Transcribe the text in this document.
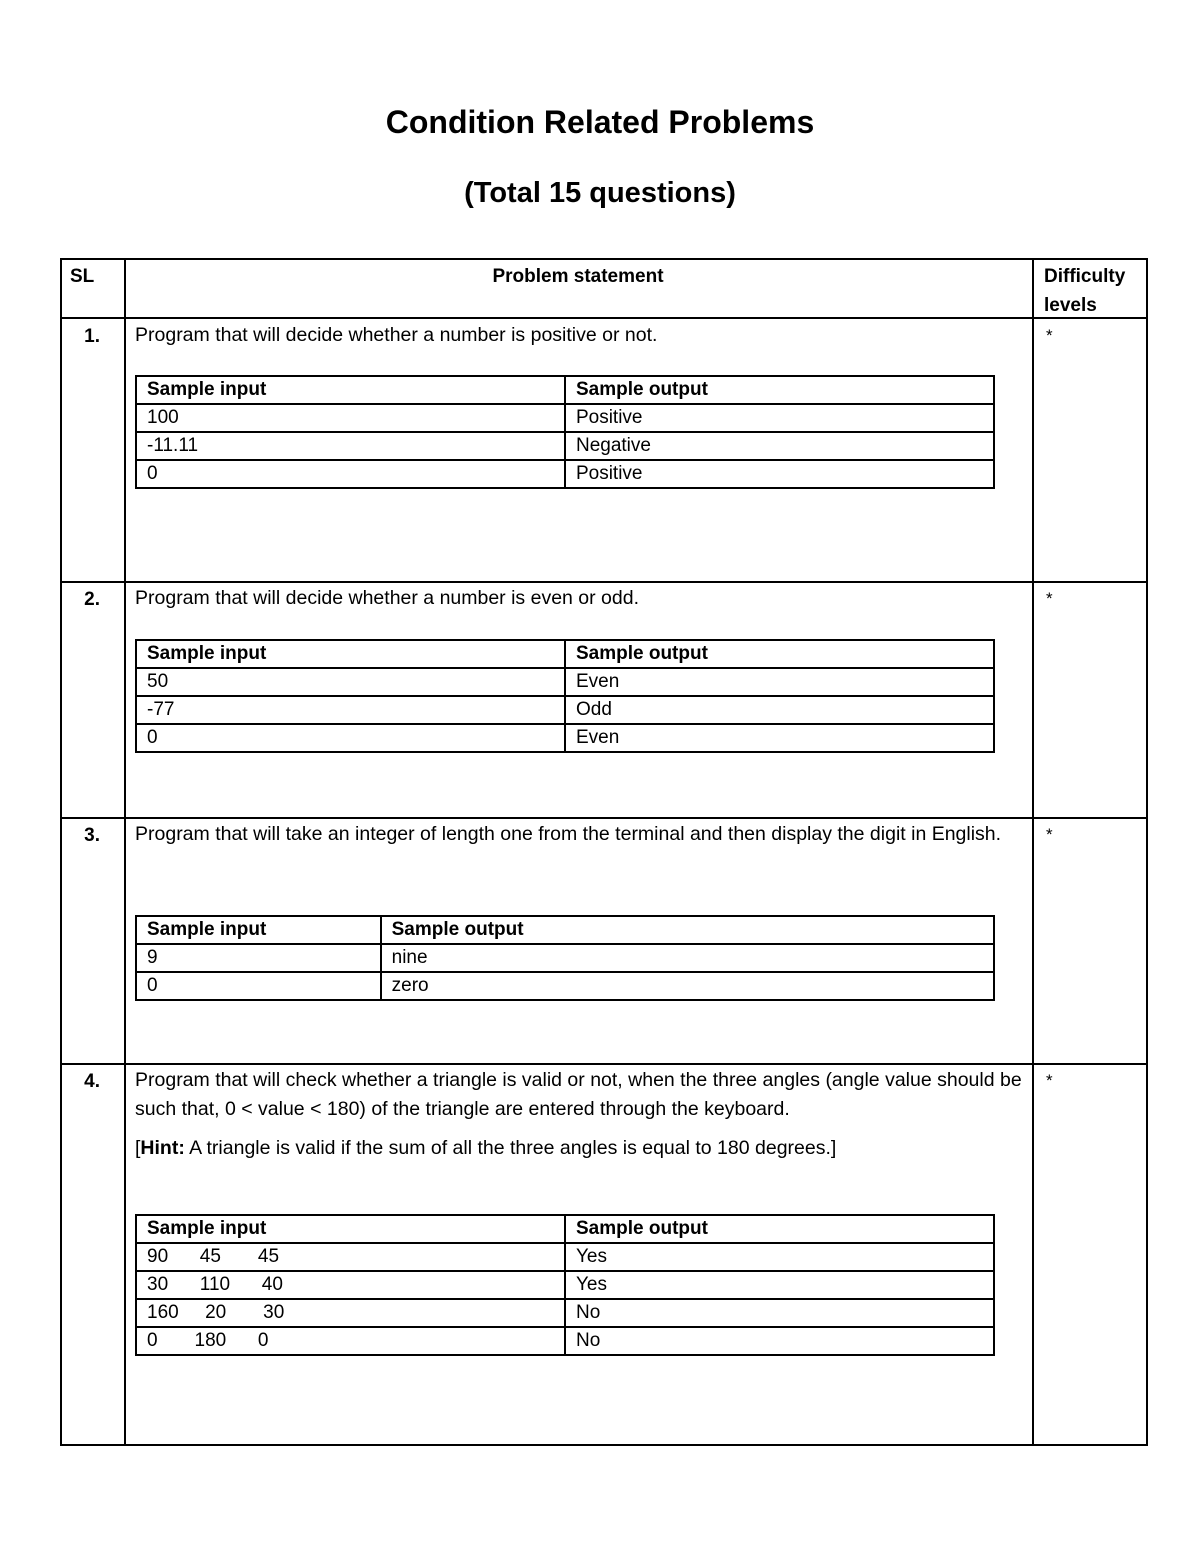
Condition Related Problems
(Total 15 questions)
SL	Problem statement	Difficulty
levels
1.	Program that will decide whether a number is positive or not.	*
Sample input	Sample output
100	Positive
-11.11	Negative
0	Positive
2.	Program that will decide whether a number is even or odd.	*
Sample input	Sample output
50	Even
-77	Odd
0	Even
3.	Program that will take an integer of length one from the terminal and then display the digit in English.	*
Sample input	Sample output
9	nine
0	zero
4.	Program that will check whether a triangle is valid or not, when the three angles (angle value should be such that, 0 < value < 180) of the triangle are entered through the keyboard.
[Hint: A triangle is valid if the sum of all the three angles is equal to 180 degrees.]
*
Sample input	Sample output
90      45       45	Yes
30      110      40	Yes
160     20       30	No
0       180      0	No
